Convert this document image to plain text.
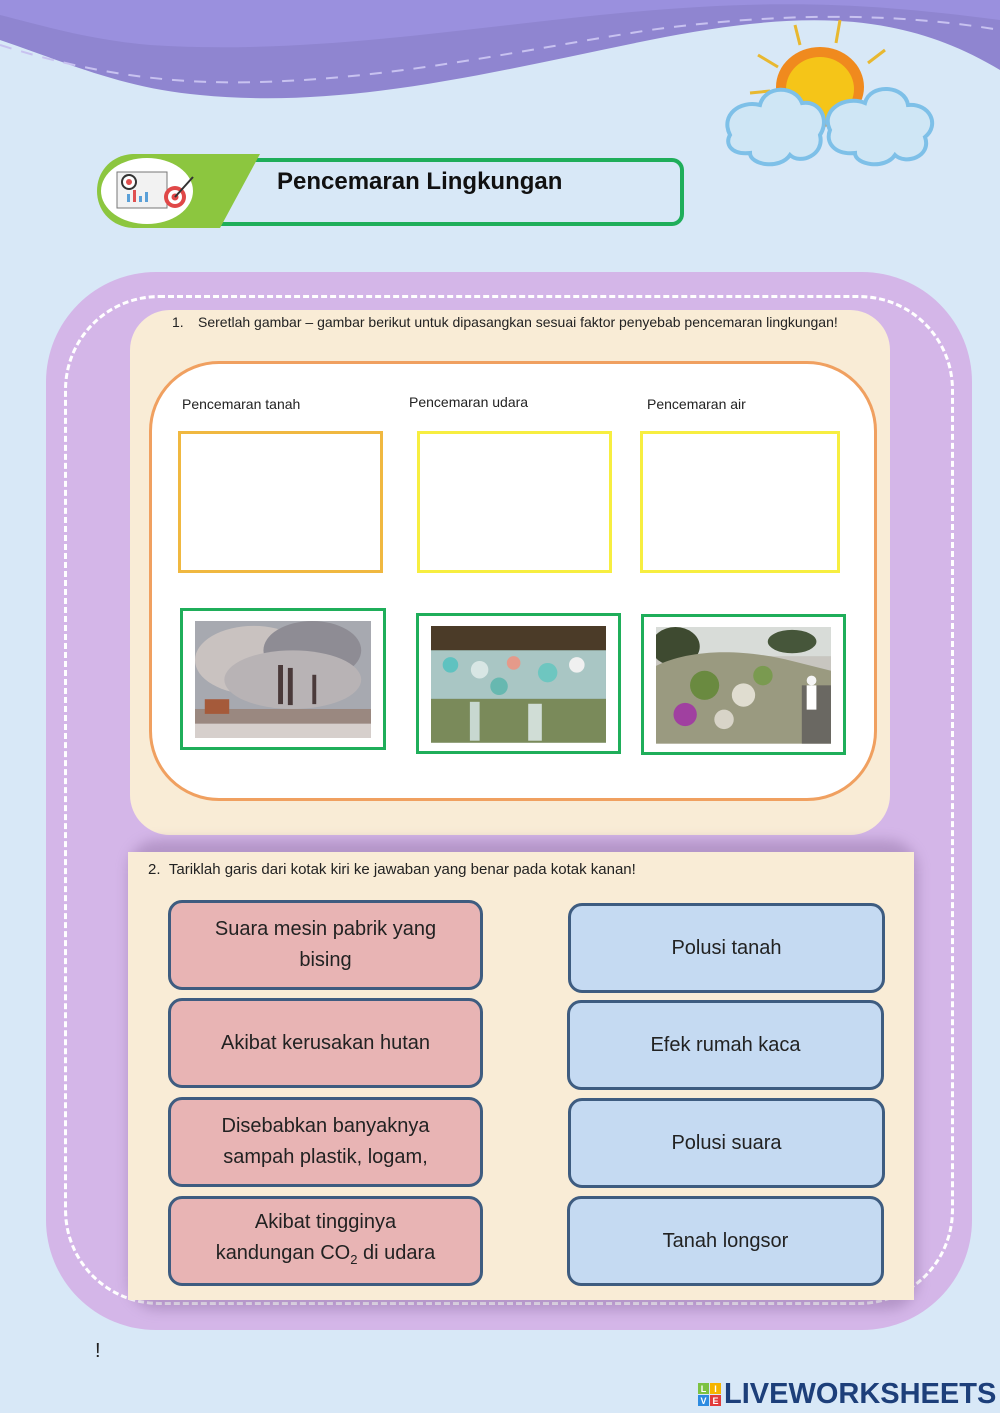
Pencemaran Lingkungan
1. Seretlah gambar – gambar berikut untuk dipasangkan sesuai faktor penyebab pencemaran lingkungan!
Pencemaran tanah	Pencemaran udara	Pencemaran air
2. Tariklah garis dari kotak kiri ke jawaban yang benar pada kotak kanan!
Suara mesin pabrik yang
bising
Akibat kerusakan hutan
Disebabkan banyaknya
sampah plastik, logam,
Akibat tingginya
kandungan $CO_2$ di udara
Polusi tanah
Efek rumah kaca
Polusi suara
Tanah longsor
!
L I
V E LIVEWORKSHEETS
